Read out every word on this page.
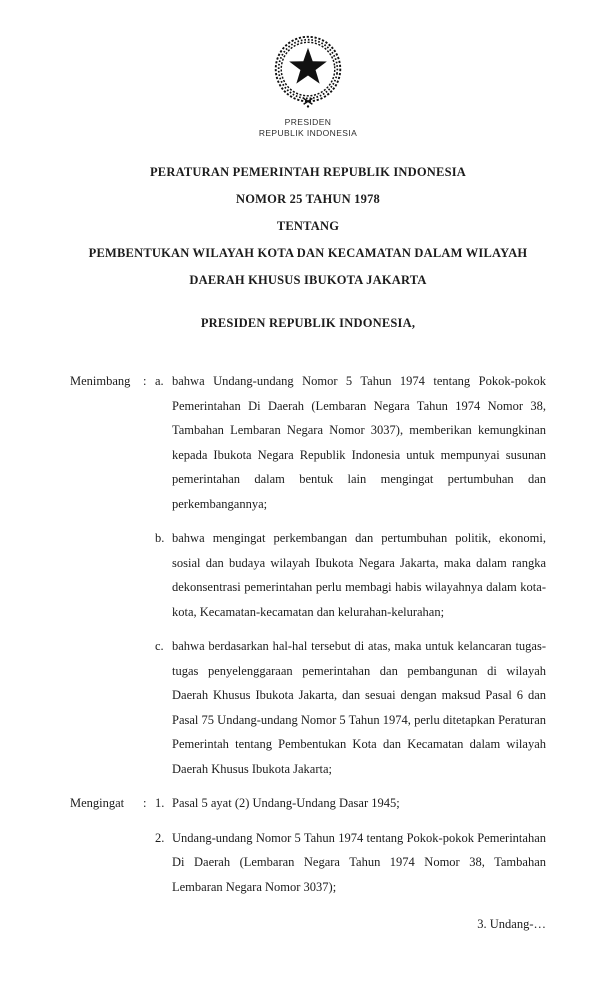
PRESIDEN
REPUBLIK INDONESIA
PERATURAN PEMERINTAH REPUBLIK INDONESIA
NOMOR 25 TAHUN 1978
TENTANG
PEMBENTUKAN WILAYAH KOTA DAN KECAMATAN DALAM WILAYAH
DAERAH KHUSUS IBUKOTA JAKARTA
PRESIDEN REPUBLIK INDONESIA,
Menimbang	: a. bahwa Undang-undang Nomor 5 Tahun 1974 tentang Pokok-pokok Pemerintahan Di Daerah (Lembaran Negara Tahun 1974 Nomor 38, Tambahan Lembaran Negara Nomor 3037), memberikan kemungkinan kepada Ibukota Negara Republik Indonesia untuk mempunyai susunan pemerintahan dalam bentuk lain mengingat pertumbuhan dan perkembangannya;
b. bahwa mengingat perkembangan dan pertumbuhan politik, ekonomi, sosial dan budaya wilayah Ibukota Negara Jakarta, maka dalam rangka dekonsentrasi pemerintahan perlu membagi habis wilayahnya dalam kota-kota, Kecamatan-kecamatan dan kelurahan-kelurahan;
c. bahwa berdasarkan hal-hal tersebut di atas, maka untuk kelancaran tugas-tugas penyelenggaraan pemerintahan dan pembangunan di wilayah Daerah Khusus Ibukota Jakarta, dan sesuai dengan maksud Pasal 6 dan Pasal 75 Undang-undang Nomor 5 Tahun 1974, perlu ditetapkan Peraturan Pemerintah tentang Pembentukan Kota dan Kecamatan dalam wilayah Daerah Khusus Ibukota Jakarta;
Mengingat	: 1. Pasal 5 ayat (2) Undang-Undang Dasar 1945;
2. Undang-undang Nomor 5 Tahun 1974 tentang Pokok-pokok Pemerintahan Di Daerah (Lembaran Negara Tahun 1974 Nomor 38, Tambahan Lembaran Negara Nomor 3037);
3. Undang-…
